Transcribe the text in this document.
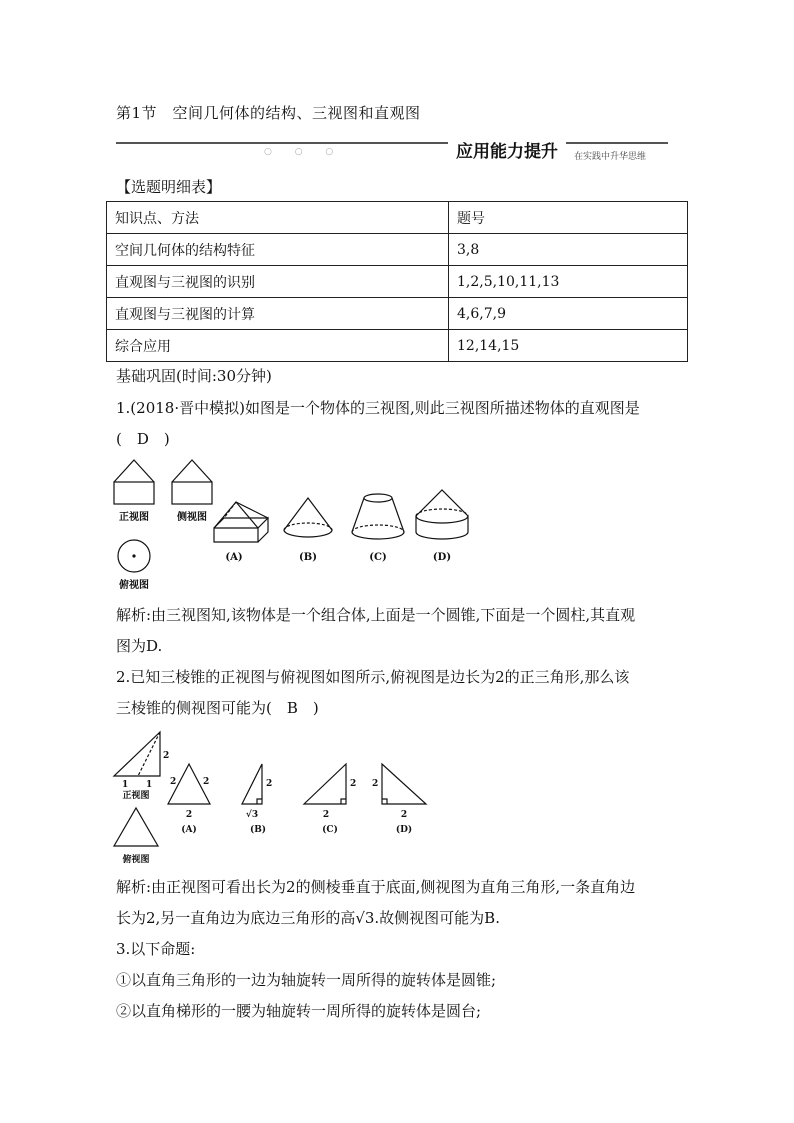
第1节　空间几何体的结构、三视图和直观图
○ ○ ○	应用能力提升	在实践中升华思维
【选题明细表】
知识点、方法	题号
空间几何体的结构特征	3,8
直观图与三视图的识别	1,2,5,10,11,13
直观图与三视图的计算	4,6,7,9
综合应用	12,14,15
基础巩固(时间:30分钟)
1.(2018·晋中模拟)如图是一个物体的三视图,则此三视图所描述物体的直观图是
(　D　)
正视图	侧视图
俯视图
(A)	(B)	(C)	(D)
解析:由三视图知,该物体是一个组合体,上面是一个圆锥,下面是一个圆柱,其直观
图为D.
2.已知三棱锥的正视图与俯视图如图所示,俯视图是边长为2的正三角形,那么该
三棱锥的侧视图可能为(　B　)
2
1 1
正视图
俯视图
2	2
2
2
√3
2
2
2
2
(A)	(B)	(C)	(D)
解析:由正视图可看出长为2的侧棱垂直于底面,侧视图为直角三角形,一条直角边
长为2,另一直角边为底边三角形的高√3.故侧视图可能为B.
3.以下命题:
①以直角三角形的一边为轴旋转一周所得的旋转体是圆锥;
②以直角梯形的一腰为轴旋转一周所得的旋转体是圆台;
